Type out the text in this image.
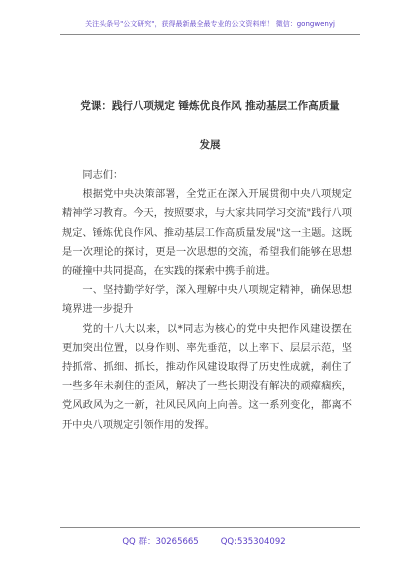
关注头条号"公文研究"，获得最新最全最专业的公文资料库！ 微信：gongwenyj
党课：践行八项规定 锤炼优良作风 推动基层工作高质量
发展

同志们：

根据党中央决策部署，全党正在深入开展贯彻中央八项规定精神学习教育。今天，按照要求，与大家共同学习交流"践行八项规定、锤炼优良作风、推动基层工作高质量发展"这一主题。这既是一次理论的探讨，更是一次思想的交流，希望我们能够在思想的碰撞中共同提高，在实践的探索中携手前进。

一、坚持勤学好学，深入理解中央八项规定精神，确保思想境界进一步提升

党的十八大以来，以*同志为核心的党中央把作风建设摆在更加突出位置，以身作则、率先垂范，以上率下、层层示范，坚持抓常、抓细、抓长，推动作风建设取得了历史性成就，刹住了一些多年未刹住的歪风，解决了一些长期没有解决的顽瘴痼疾，党风政风为之一新，社风民风向上向善。这一系列变化，都离不开中央八项规定引领作用的发挥。

QQ 群：30265665	QQ:535304092
